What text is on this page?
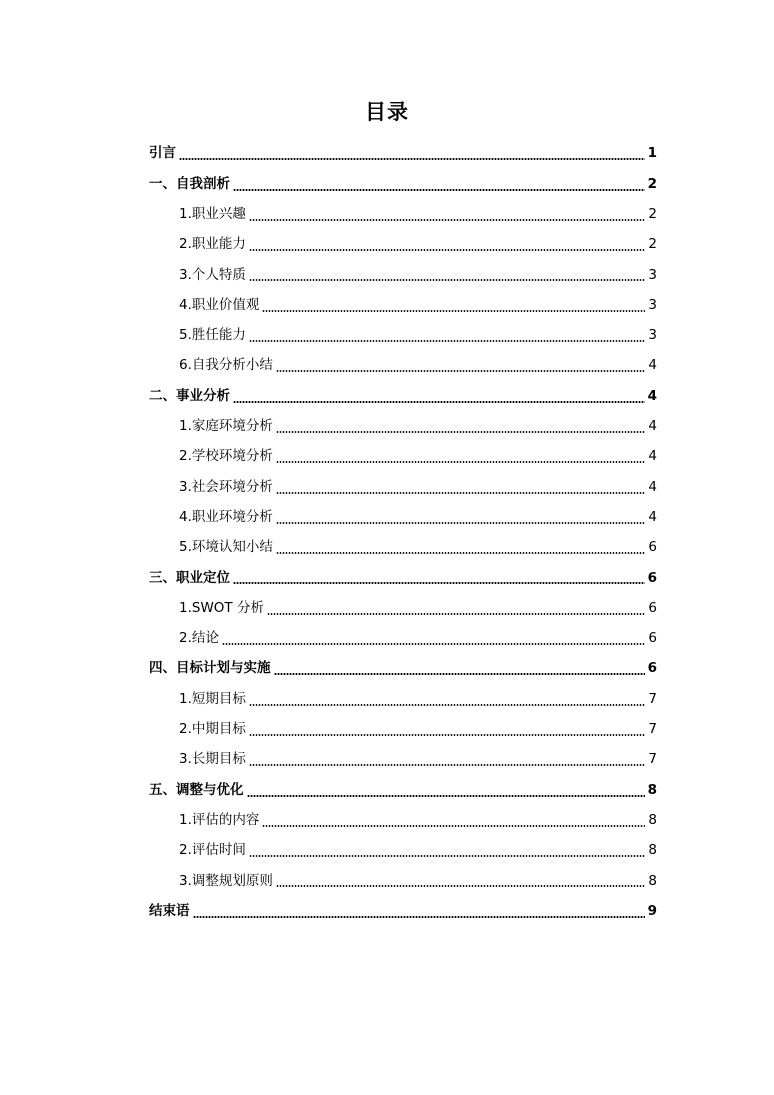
目录
引言	1
一、自我剖析	2
1.职业兴趣	2
2.职业能力	2
3.个人特质	3
4.职业价值观	3
5.胜任能力	3
6.自我分析小结	4
二、事业分析	4
1.家庭环境分析	4
2.学校环境分析	4
3.社会环境分析	4
4.职业环境分析	4
5.环境认知小结	6
三、职业定位	6
1.SWOT 分析	6
2.结论	6
四、目标计划与实施	6
1.短期目标	7
2.中期目标	7
3.长期目标	7
五、调整与优化	8
1.评估的内容	8
2.评估时间	8
3.调整规划原则	8
结束语	9
